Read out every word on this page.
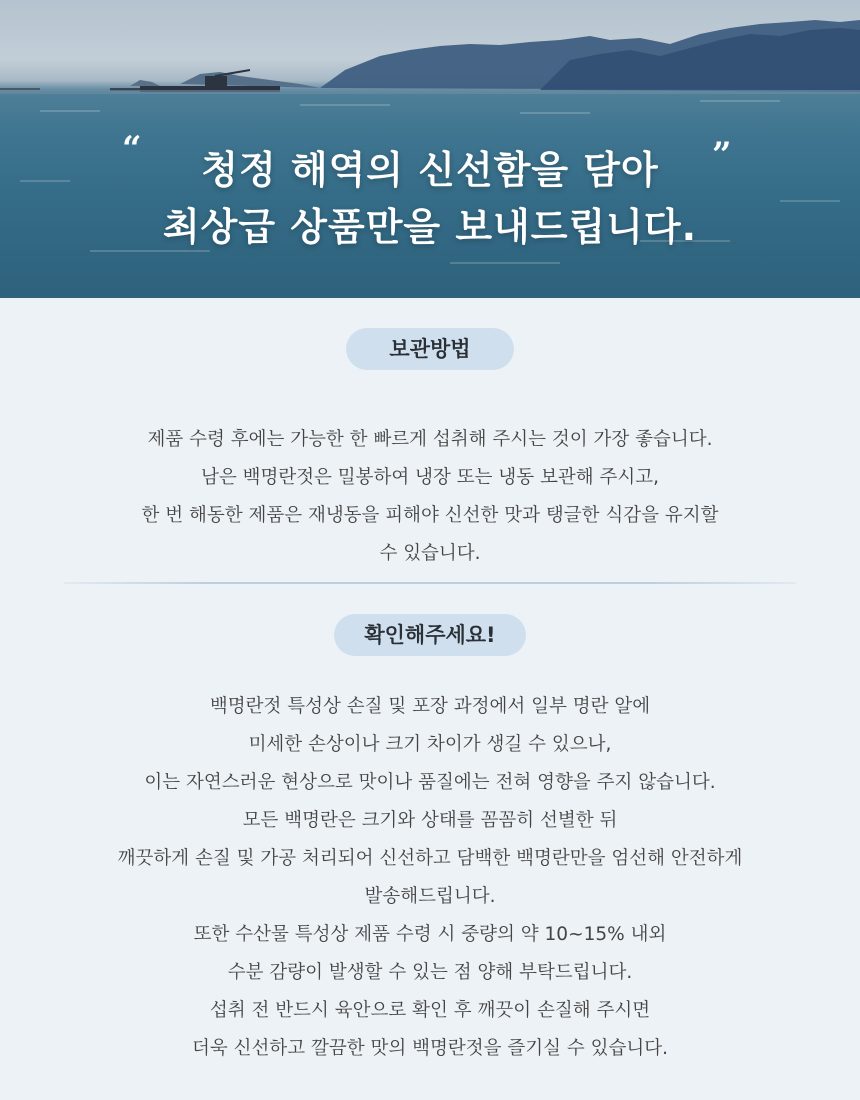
“	”
청정 해역의 신선함을 담아
최상급 상품만을 보내드립니다.
보관방법
제품 수령 후에는 가능한 한 빠르게 섭취해 주시는 것이 가장 좋습니다.
남은 백명란젓은 밀봉하여 냉장 또는 냉동 보관해 주시고,
한 번 해동한 제품은 재냉동을 피해야 신선한 맛과 탱글한 식감을 유지할
수 있습니다.
확인해주세요!
백명란젓 특성상 손질 및 포장 과정에서 일부 명란 알에
미세한 손상이나 크기 차이가 생길 수 있으나,
이는 자연스러운 현상으로 맛이나 품질에는 전혀 영향을 주지 않습니다.
모든 백명란은 크기와 상태를 꼼꼼히 선별한 뒤
깨끗하게 손질 및 가공 처리되어 신선하고 담백한 백명란만을 엄선해 안전하게
발송해드립니다.
또한 수산물 특성상 제품 수령 시 중량의 약 10~15% 내외
수분 감량이 발생할 수 있는 점 양해 부탁드립니다.
섭취 전 반드시 육안으로 확인 후 깨끗이 손질해 주시면
더욱 신선하고 깔끔한 맛의 백명란젓을 즐기실 수 있습니다.
